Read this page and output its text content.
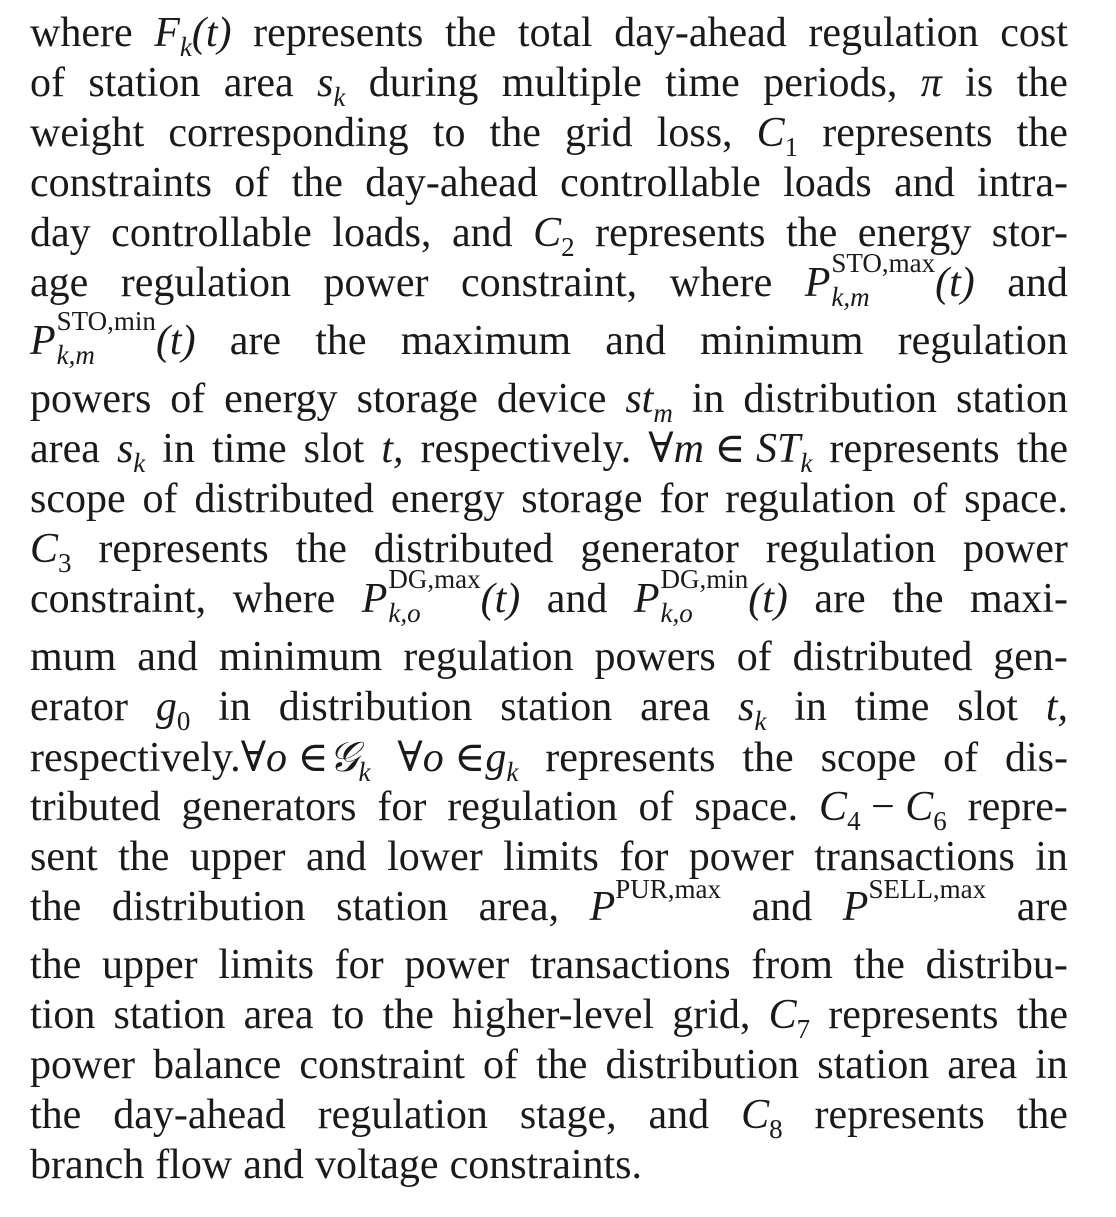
where F k (t) represents the total day-ahead regulation cost
of station area s k during multiple time periods, π is the
weight corresponding to the grid loss, C 1 represents the
constraints of the day-ahead controllable loads and intra-
day controllable loads, and C 2 represents the energy stor-
age regulation power constraint, where P STO,max
k,m (t) and
P STO,min
k,m (t) are the maximum and minimum regulation
powers of energy storage device st m in distribution station
area s k in time slot t, respectively. ∀m ∈ ST k represents the
scope of distributed energy storage for regulation of space.
C 3 represents the distributed generator regulation power
constraint, where P DG,max
k,o (t) and P DG,min
k,o (t) are the maxi-
mum and minimum regulation powers of distributed gen-
erator g 0 in distribution station area s k in time slot t,
respectively. ∀o ∈ 𝒢 k ∀o ∈ g k represents the scope of dis-
tributed generators for regulation of space. C 4 − C 6 repre-
sent the upper and lower limits for power transactions in
the distribution station area, P PUR,max and P SELL,max are
the upper limits for power transactions from the distribu-
tion station area to the higher-level grid, C 7 represents the
power balance constraint of the distribution station area in
the day-ahead regulation stage, and C 8 represents the
branch flow and voltage constraints.
